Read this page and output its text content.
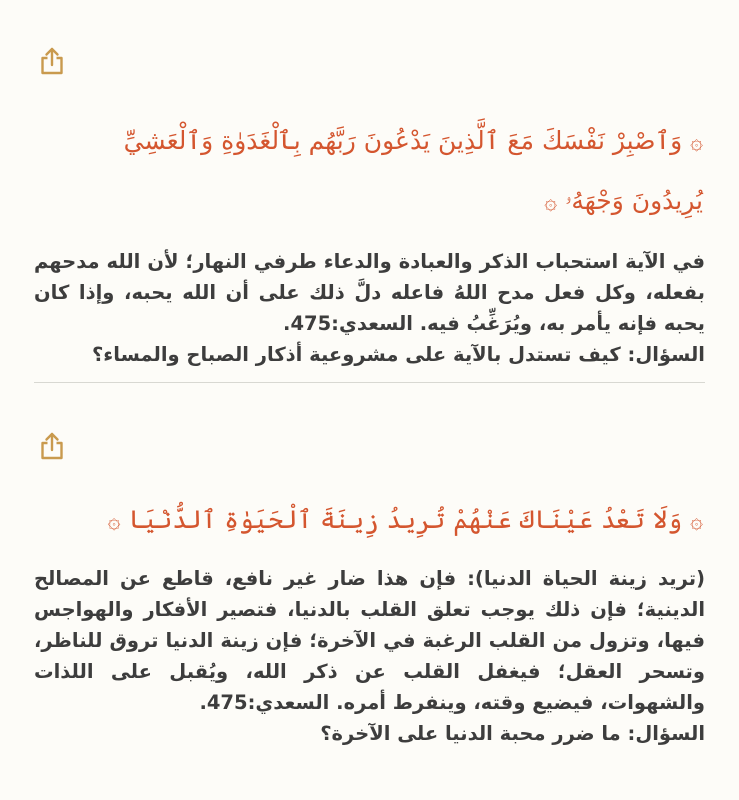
۞ وَٱصْبِرْ نَفْسَكَ مَعَ ٱلَّذِينَ يَدْعُونَ رَبَّهُم بِٱلْغَدَوٰةِ وَٱلْعَشِيِّ
يُرِيدُونَ وَجْهَهُۥ ۞

في الآية استحباب الذكر والعبادة والدعاء طرفي النهار؛ لأن الله مدحهم بفعله، وكل فعل مدح اللهُ فاعله دلَّ ذلك على أن الله يحبه، وإذا كان يحبه فإنه يأمر به، ويُرَغِّبُ فيه. السعدي:475.

السؤال: كيف تستدل بالآية على مشروعية أذكار الصباح والمساء؟

۞ وَلَا تَعْدُ عَيْنَاكَ عَنْهُمْ تُرِيدُ زِينَةَ ٱلْحَيَوٰةِ ٱلدُّنْيَا ۞

(تريد زينة الحياة الدنيا): فإن هذا ضار غير نافع، قاطع عن المصالح الدينية؛ فإن ذلك يوجب تعلق القلب بالدنيا، فتصير الأفكار والهواجس فيها، وتزول من القلب الرغبة في الآخرة؛ فإن زينة الدنيا تروق للناظر، وتسحر العقل؛ فيغفل القلب عن ذكر الله، ويُقبل على اللذات والشهوات، فيضيع وقته، وينفرط أمره. السعدي:475.

السؤال: ما ضرر محبة الدنيا على الآخرة؟
